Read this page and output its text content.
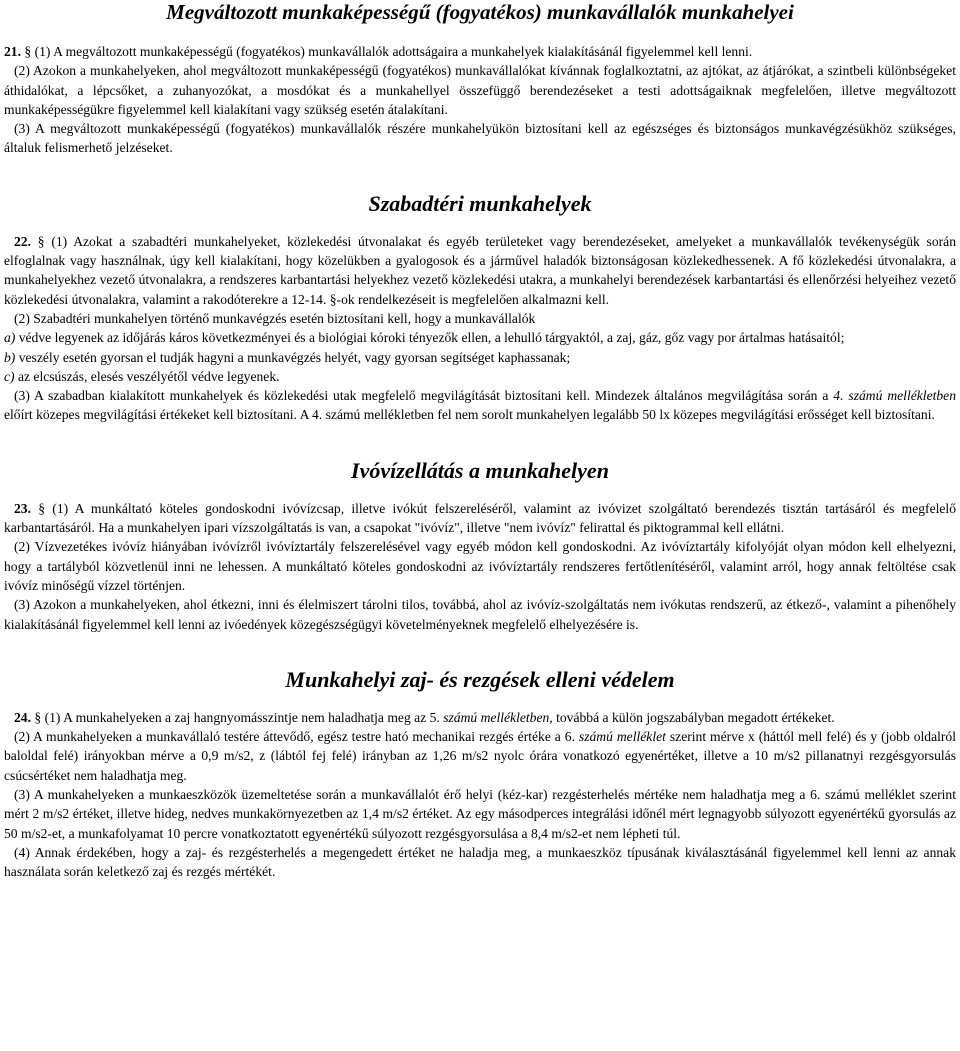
Megváltozott munkaképességű (fogyatékos) munkavállalók munkahelyei

21. § (1) A megváltozott munkaképességű (fogyatékos) munkavállalók adottságaira a munkahelyek kialakításánál figyelemmel kell lenni.

(2) Azokon a munkahelyeken, ahol megváltozott munkaképességű (fogyatékos) munkavállalókat kívánnak foglalkoztatni, az ajtókat, az átjárókat, a szintbeli különbségeket áthidalókat, a lépcsőket, a zuhanyozókat, a mosdókat és a munkahellyel összefüggő berendezéseket a testi adottságaiknak megfelelően, illetve megváltozott munkaképességükre figyelemmel kell kialakítani vagy szükség esetén átalakítani.

(3) A megváltozott munkaképességű (fogyatékos) munkavállalók részére munkahelyükön biztosítani kell az egészséges és biztonságos munkavégzésükhöz szükséges, általuk felismerhető jelzéseket.

Szabadtéri munkahelyek

22. § (1) Azokat a szabadtéri munkahelyeket, közlekedési útvonalakat és egyéb területeket vagy berendezéseket, amelyeket a munkavállalók tevékenységük során elfoglalnak vagy használnak, úgy kell kialakítani, hogy közelükben a gyalogosok és a járművel haladók biztonságosan közlekedhessenek. A fő közlekedési útvonalakra, a munkahelyekhez vezető útvonalakra, a rendszeres karbantartási helyekhez vezető közlekedési utakra, a munkahelyi berendezések karbantartási és ellenőrzési helyeihez vezető közlekedési útvonalakra, valamint a rakodóterekre a 12-14. §-ok rendelkezéseit is megfelelően alkalmazni kell.

(2) Szabadtéri munkahelyen történő munkavégzés esetén biztosítani kell, hogy a munkavállalók

a) védve legyenek az időjárás káros következményei és a biológiai kóroki tényezők ellen, a lehulló tárgyaktól, a zaj, gáz, gőz vagy por ártalmas hatásaitól;

b) veszély esetén gyorsan el tudják hagyni a munkavégzés helyét, vagy gyorsan segítséget kaphassanak;

c) az elcsúszás, elesés veszélyétől védve legyenek.

(3) A szabadban kialakított munkahelyek és közlekedési utak megfelelő megvilágítását biztosítani kell. Mindezek általános megvilágítása során a 4. számú mellékletben előírt közepes megvilágítási értékeket kell biztosítani. A 4. számú mellékletben fel nem sorolt munkahelyen legalább 50 lx közepes megvilágítási erősséget kell biztosítani.

Ivóvízellátás a munkahelyen

23. § (1) A munkáltató köteles gondoskodni ivóvízcsap, illetve ivókút felszereléséről, valamint az ivóvizet szolgáltató berendezés tisztán tartásáról és megfelelő karbantartásáról. Ha a munkahelyen ipari vízszolgáltatás is van, a csapokat "ivóvíz", illetve "nem ivóvíz" felirattal és piktogrammal kell ellátni.

(2) Vízvezetékes ivóvíz hiányában ivóvízről ivóvíztartály felszerelésével vagy egyéb módon kell gondoskodni. Az ivóvíztartály kifolyóját olyan módon kell elhelyezni, hogy a tartályból közvetlenül inni ne lehessen. A munkáltató köteles gondoskodni az ivóvíztartály rendszeres fertőtlenítéséről, valamint arról, hogy annak feltöltése csak ivóvíz minőségű vízzel történjen.

(3) Azokon a munkahelyeken, ahol étkezni, inni és élelmiszert tárolni tilos, továbbá, ahol az ivóvíz-szolgáltatás nem ivókutas rendszerű, az étkező-, valamint a pihenőhely kialakításánál figyelemmel kell lenni az ivóedények közegészségügyi követelményeknek megfelelő elhelyezésére is.

Munkahelyi zaj- és rezgések elleni védelem

24. § (1) A munkahelyeken a zaj hangnyomásszintje nem haladhatja meg az 5. számú mellékletben, továbbá a külön jogszabályban megadott értékeket.

(2) A munkahelyeken a munkavállaló testére áttevődő, egész testre ható mechanikai rezgés értéke a 6. számú melléklet szerint mérve x (háttól mell felé) és y (jobb oldalról baloldal felé) irányokban mérve a 0,9 m/s2, z (lábtól fej felé) irányban az 1,26 m/s2 nyolc órára vonatkozó egyenértéket, illetve a 10 m/s2 pillanatnyi rezgésgyorsulás csúcsértéket nem haladhatja meg.

(3) A munkahelyeken a munkaeszközök üzemeltetése során a munkavállalót érő helyi (kéz-kar) rezgésterhelés mértéke nem haladhatja meg a 6. számú melléklet szerint mért 2 m/s2 értéket, illetve hideg, nedves munkakörnyezetben az 1,4 m/s2 értéket. Az egy másodperces integrálási időnél mért legnagyobb súlyozott egyenértékű gyorsulás az 50 m/s2-et, a munkafolyamat 10 percre vonatkoztatott egyenértékű súlyozott rezgésgyorsulása a 8,4 m/s2-et nem lépheti túl.

(4) Annak érdekében, hogy a zaj- és rezgésterhelés a megengedett értéket ne haladja meg, a munkaeszköz típusának kiválasztásánál figyelemmel kell lenni az annak használata során keletkező zaj és rezgés mértékét.
